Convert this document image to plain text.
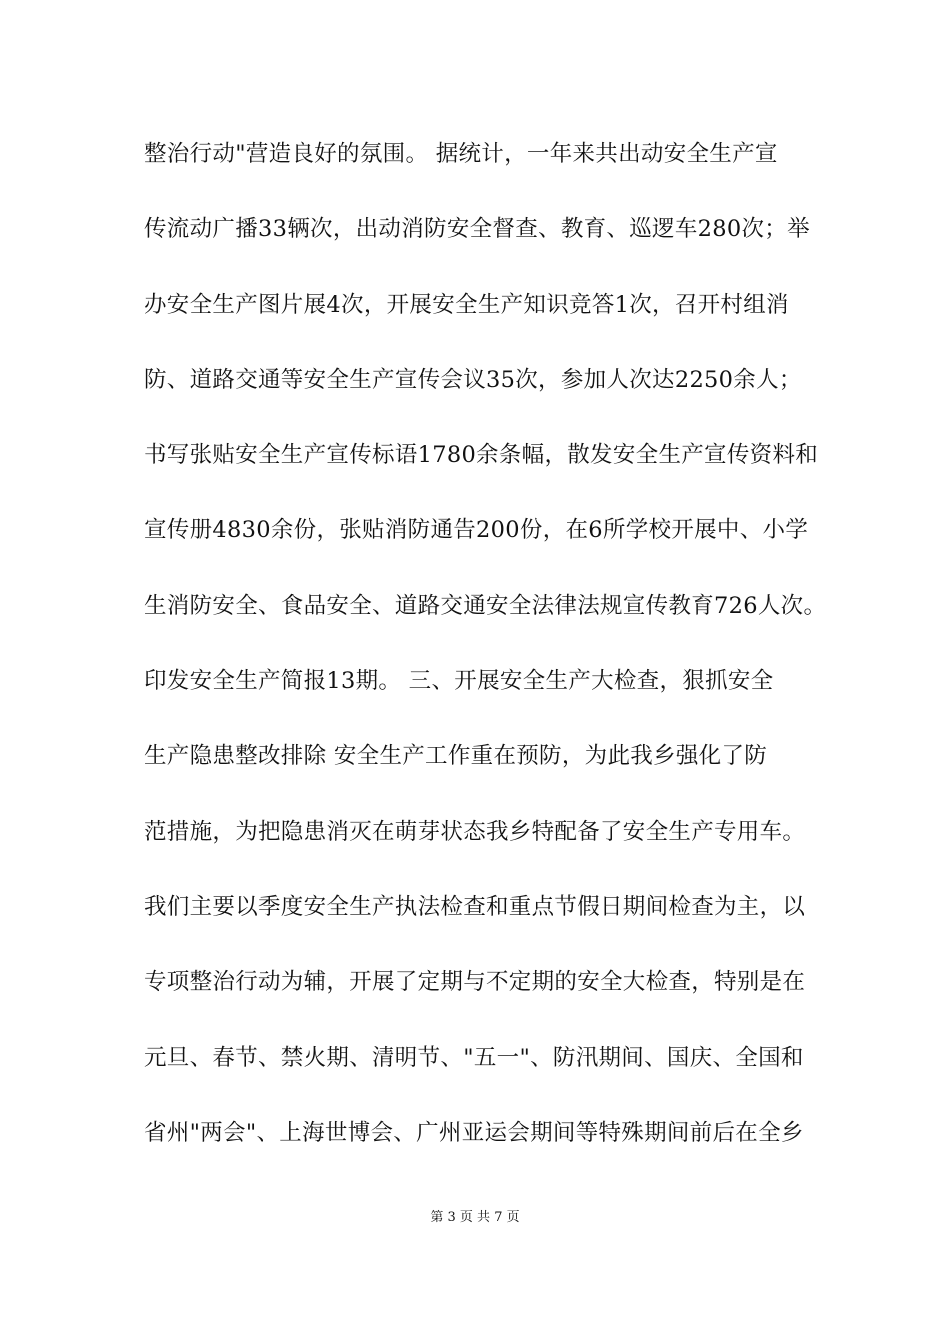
整治行动"营造良好的氛围。 据统计，一年来共出动安全生产宣
传流动广播33辆次，出动消防安全督查、教育、巡逻车280次；举
办安全生产图片展4次，开展安全生产知识竞答1次，召开村组消
防、道路交通等安全生产宣传会议35次，参加人次达2250余人；
书写张贴安全生产宣传标语1780余条幅，散发安全生产宣传资料和
宣传册4830余份，张贴消防通告200份，在6所学校开展中、小学
生消防安全、食品安全、道路交通安全法律法规宣传教育726人次。
印发安全生产简报13期。 三、开展安全生产大检查，狠抓安全
生产隐患整改排除 安全生产工作重在预防，为此我乡强化了防
范措施，为把隐患消灭在萌芽状态我乡特配备了安全生产专用车。
我们主要以季度安全生产执法检查和重点节假日期间检查为主，以
专项整治行动为辅，开展了定期与不定期的安全大检查，特别是在
元旦、春节、禁火期、清明节、"五一"、防汛期间、国庆、全国和
省州"两会"、上海世博会、广州亚运会期间等特殊期间前后在全乡
第 3 页 共 7 页
